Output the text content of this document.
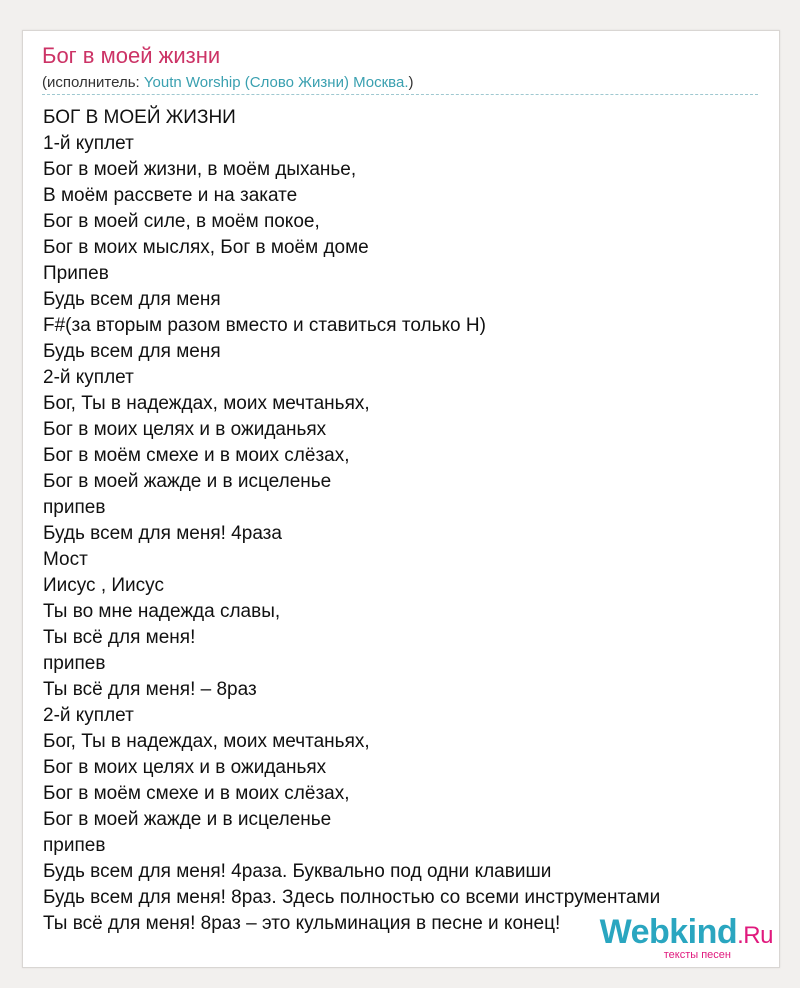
Бог в моей жизни
(исполнитель: Youtn Worship (Слово Жизни) Москва.)
БОГ В МОЕЙ ЖИЗНИ
1-й куплет
Бог в моей жизни, в моём дыханье,
В моём рассвете и на закате
Бог в моей силе, в моём покое,
Бог в моих мыслях, Бог в моём доме
Припев
Будь всем для меня
F#(за вторым разом вместо и ставиться только H)
Будь всем для меня
2-й куплет
Бог, Ты в надеждах, моих мечтаньях,
Бог в моих целях и в ожиданьях
Бог в моём смехе и в моих слёзах,
Бог в моей жажде и в исцеленье
припев
Будь всем для меня! 4раза
Мост
Иисус , Иисус
Ты во мне надежда славы,
Ты всё для меня!
припев
Ты всё для меня! – 8раз
2-й куплет
Бог, Ты в надеждах, моих мечтаньях,
Бог в моих целях и в ожиданьях
Бог в моём смехе и в моих слёзах,
Бог в моей жажде и в исцеленье
припев
Будь всем для меня! 4раза. Буквально под одни клавиши
Будь всем для меня! 8раз. Здесь полностью со всеми инструментами
Ты всё для меня! 8раз – это кульминация в песне и конец!	Webkind.Ru
тексты песен
